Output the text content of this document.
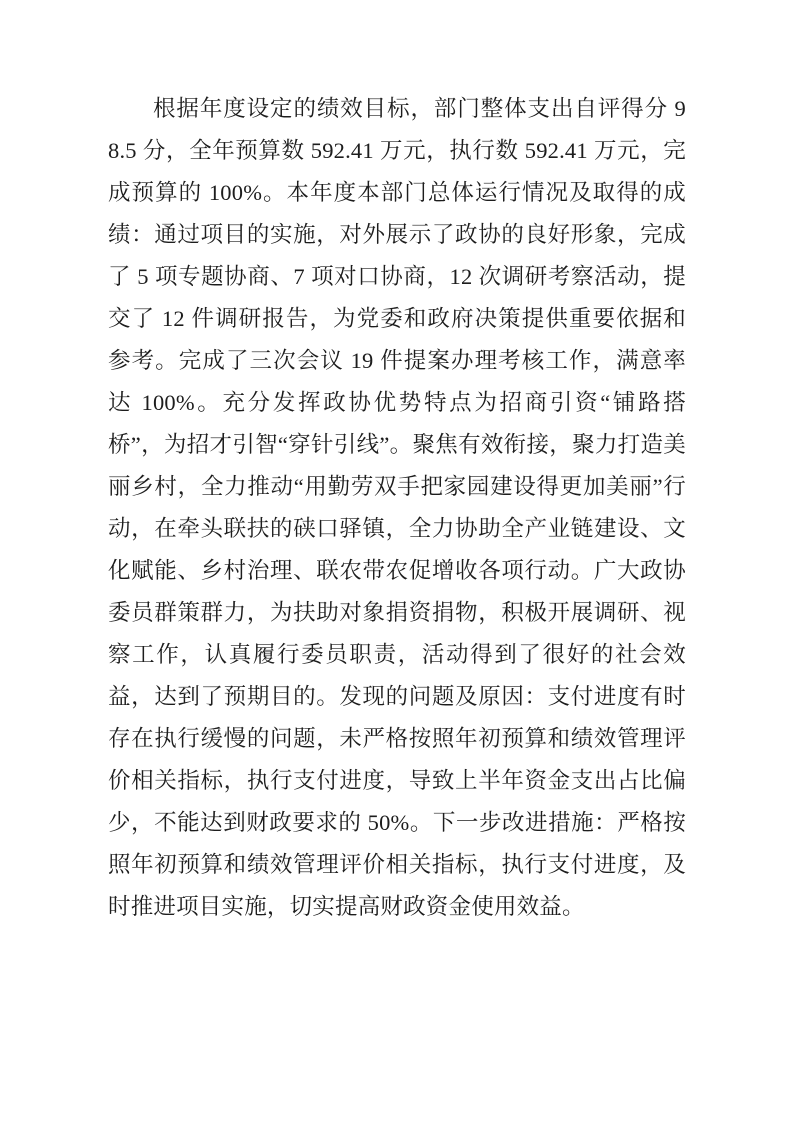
根据年度设定的绩效目标，部门整体支出自评得分 98.5 分，全年预算数 592.41 万元，执行数 592.41 万元，完成预算的 100%。本年度本部门总体运行情况及取得的成绩：通过项目的实施，对外展示了政协的良好形象，完成了 5 项专题协商、7 项对口协商，12 次调研考察活动，提交了 12 件调研报告，为党委和政府决策提供重要依据和参考。完成了三次会议 19 件提案办理考核工作，满意率达 100%。充分发挥政协优势特点为招商引资“铺路搭桥”，为招才引智“穿针引线”。聚焦有效衔接，聚力打造美丽乡村，全力推动“用勤劳双手把家园建设得更加美丽”行动，在牵头联扶的硖口驿镇，全力协助全产业链建设、文化赋能、乡村治理、联农带农促增收各项行动。广大政协委员群策群力，为扶助对象捐资捐物，积极开展调研、视察工作，认真履行委员职责，活动得到了很好的社会效益，达到了预期目的。发现的问题及原因：支付进度有时存在执行缓慢的问题，未严格按照年初预算和绩效管理评价相关指标，执行支付进度，导致上半年资金支出占比偏少，不能达到财政要求的 50%。下一步改进措施：严格按照年初预算和绩效管理评价相关指标，执行支付进度，及时推进项目实施，切实提高财政资金使用效益。
